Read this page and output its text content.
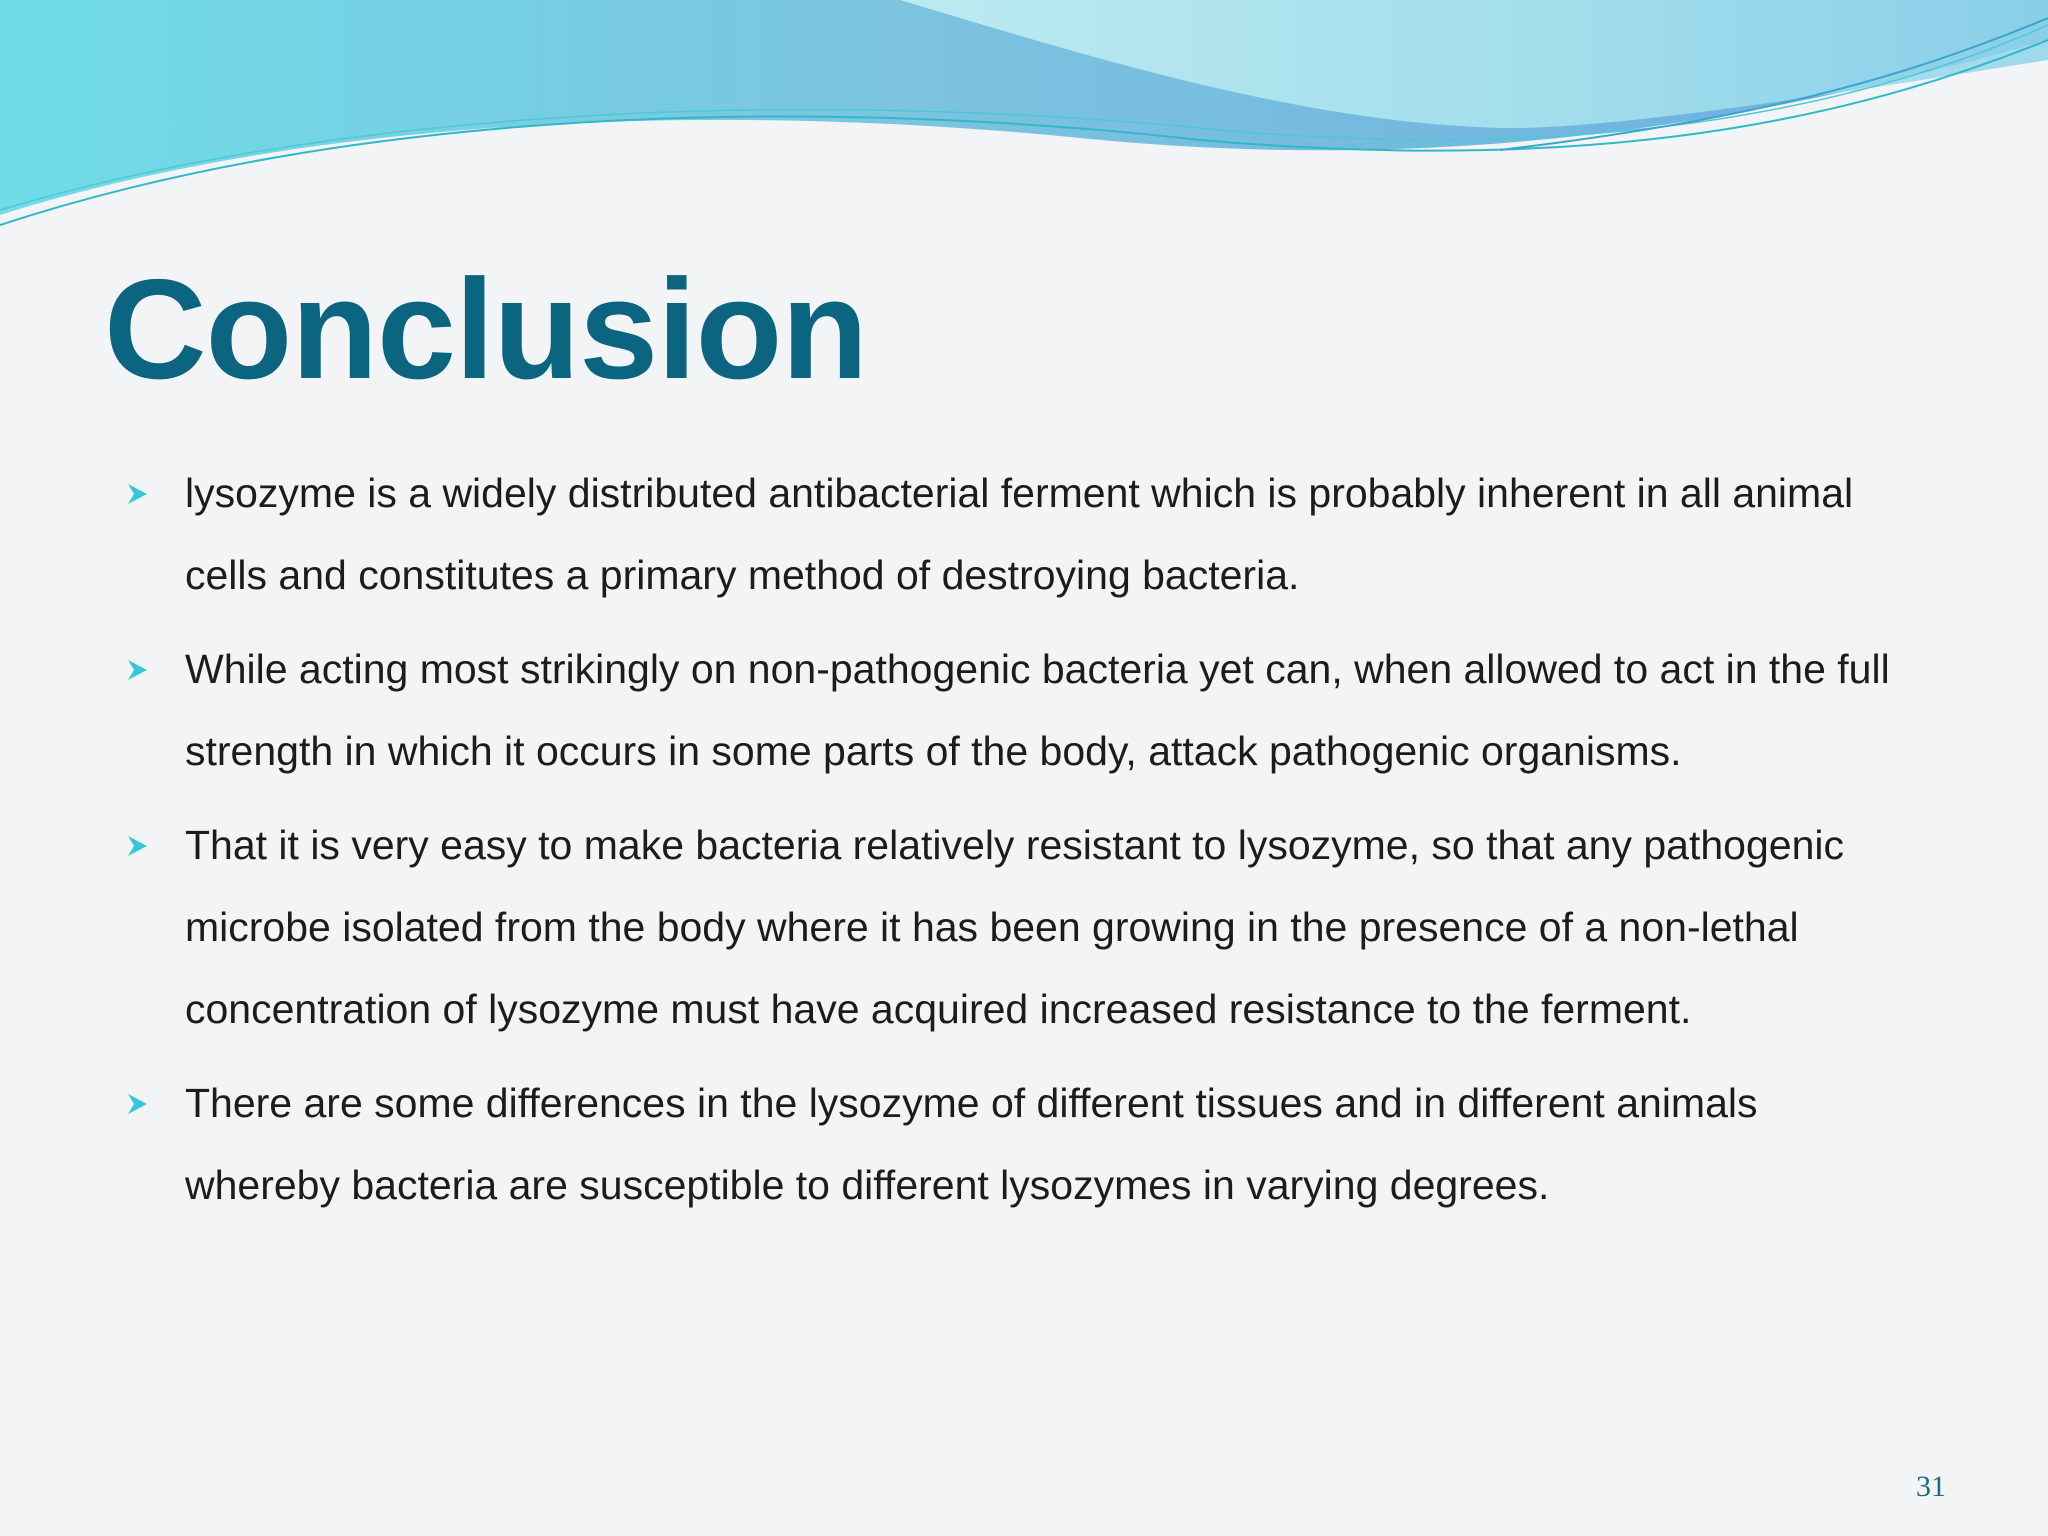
Conclusion
lysozyme is a widely distributed antibacterial ferment which is probably inherent in all animal cells and constitutes a primary method of destroying bacteria.
While acting most strikingly on non-pathogenic bacteria yet can, when allowed to act in the full strength in which it occurs in some parts of the body, attack pathogenic organisms.
That it is very easy to make bacteria relatively resistant to lysozyme, so that any pathogenic microbe isolated from the body where it has been growing in the presence of a non-lethal concentration of lysozyme must have acquired increased resistance to the ferment.
There are some differences in the lysozyme of different tissues and in different animals whereby bacteria are susceptible to different lysozymes in varying degrees.
31
